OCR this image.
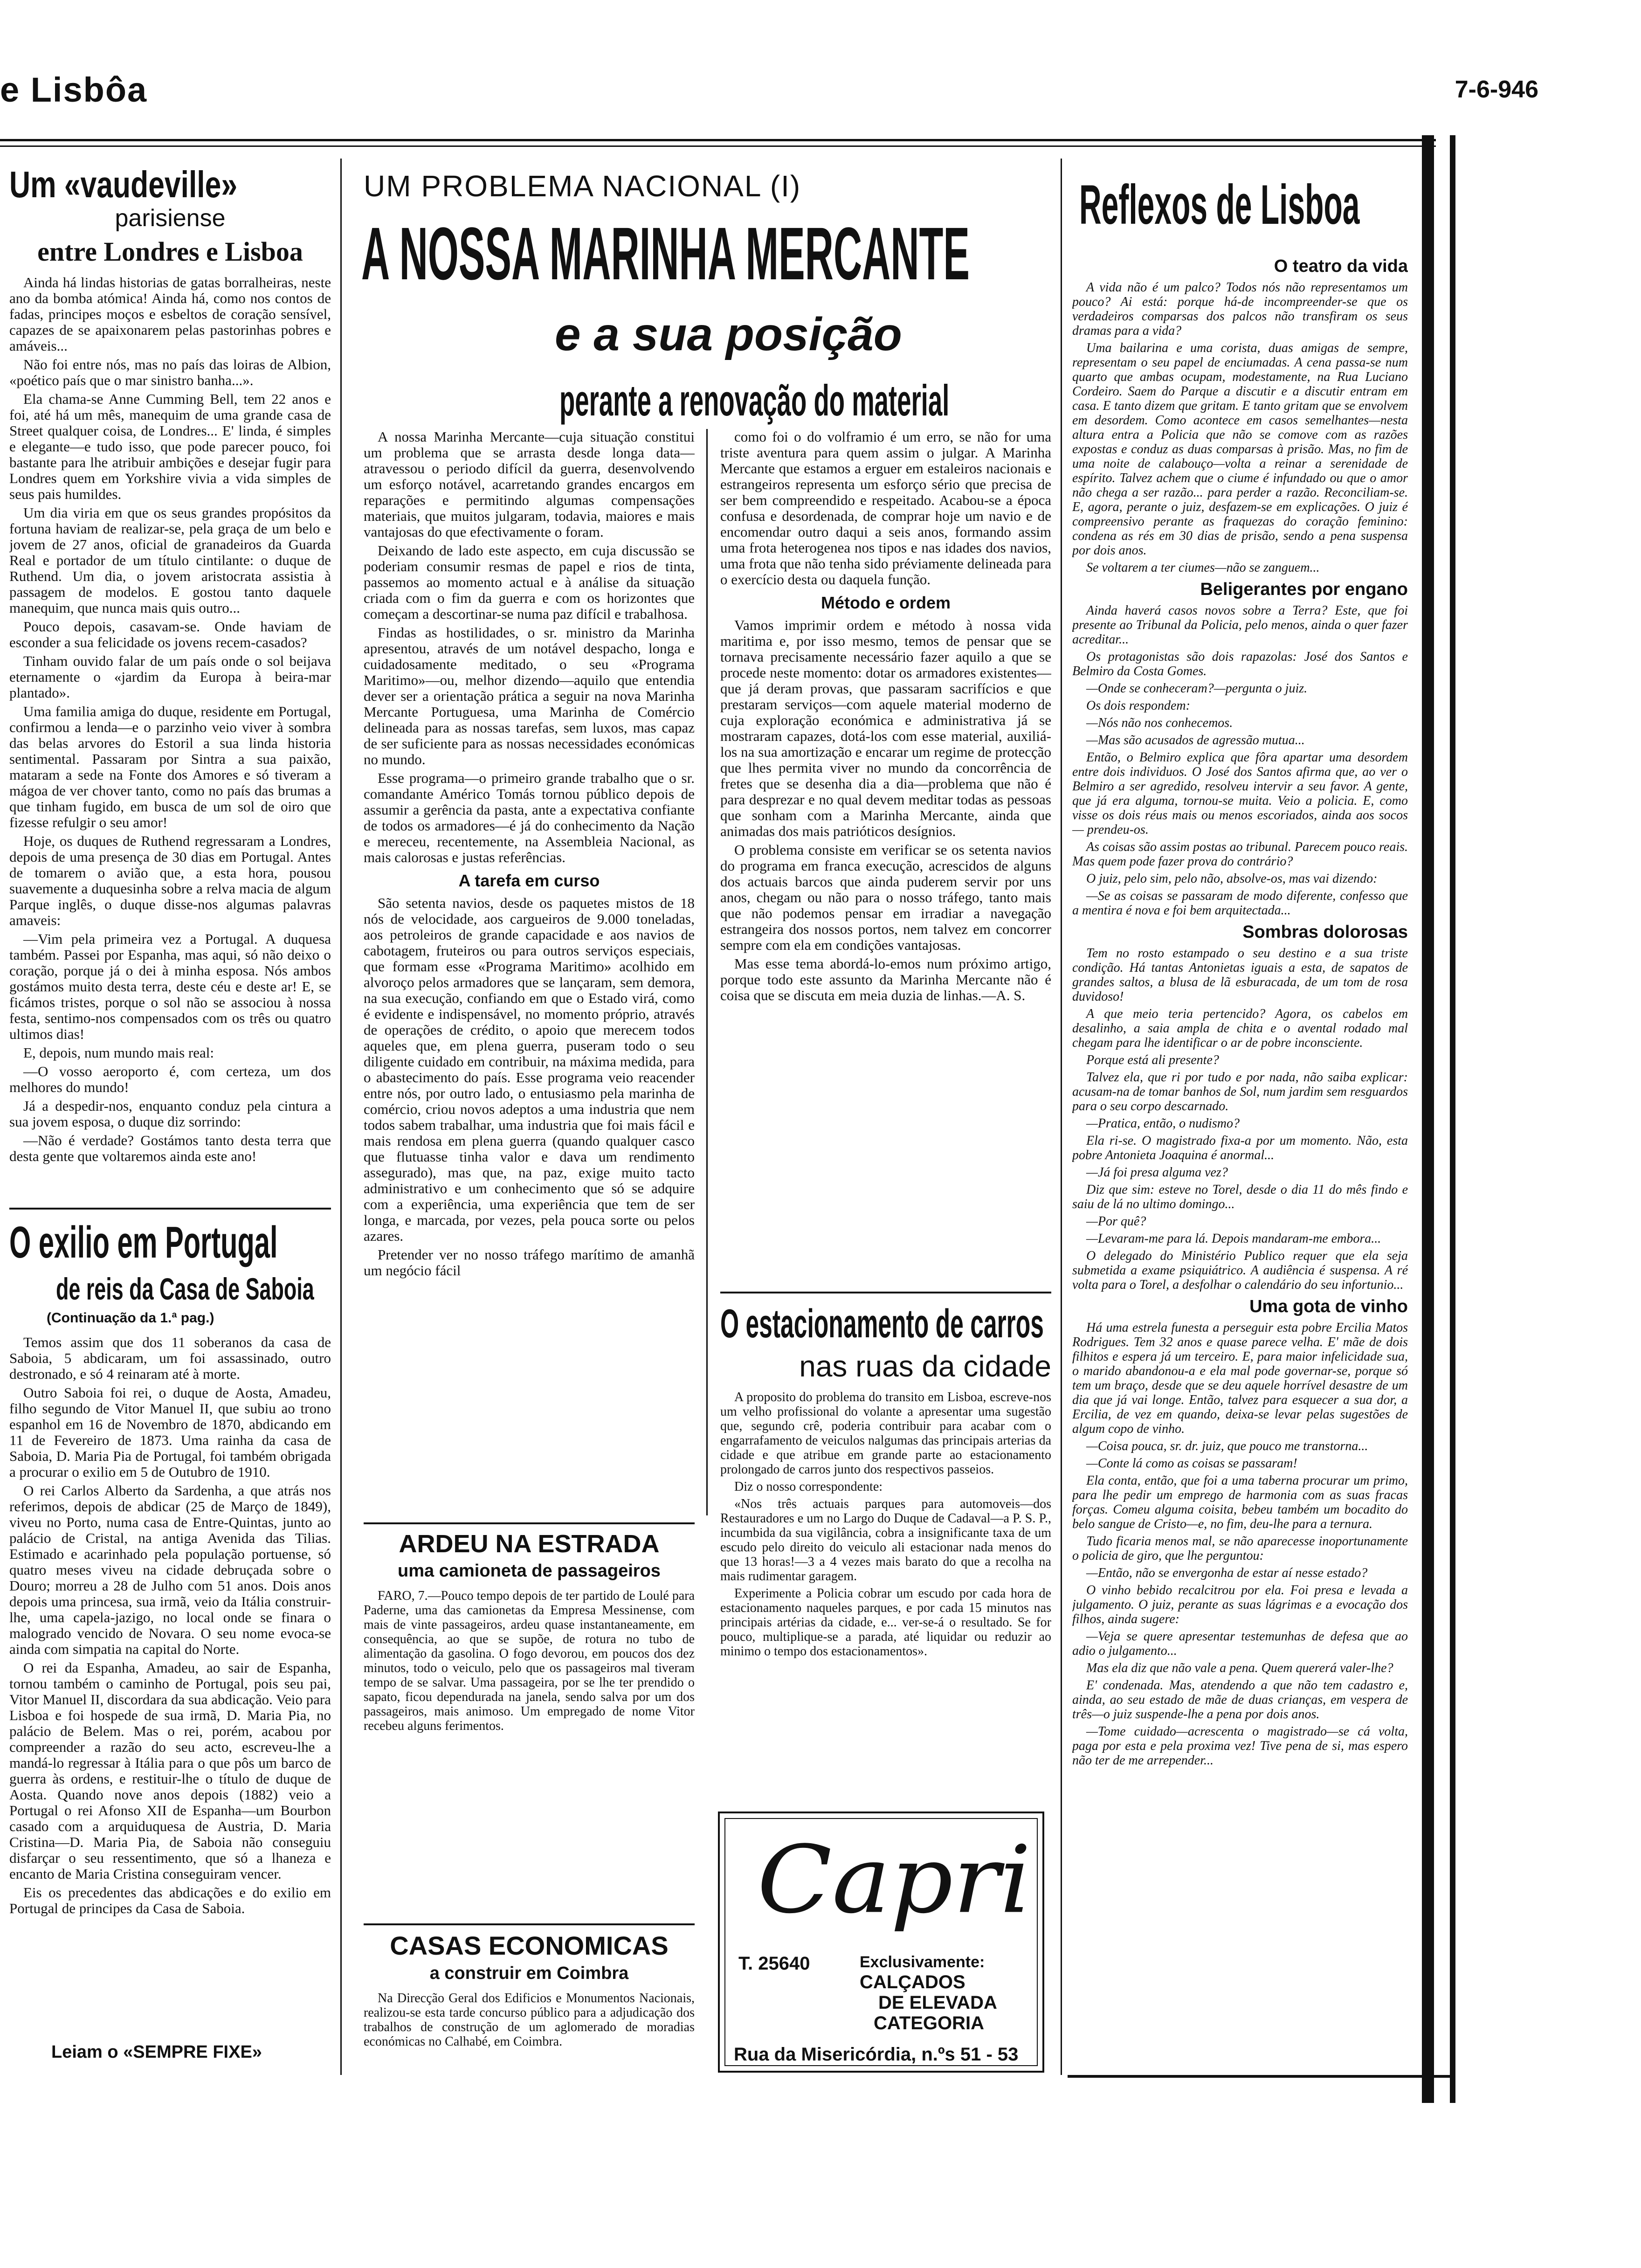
e Lisbôa	7-6-946
Um «vaudeville»
parisiense
entre Londres e Lisboa

Ainda há lindas historias de gatas borralheiras, neste ano da bomba atómica! Ainda há, como nos contos de fadas, principes moços e esbeltos de coração sensível, capazes de se apaixonarem pelas pastorinhas pobres e amáveis...

Não foi entre nós, mas no país das loiras de Albion, «poético país que o mar sinistro banha...».

Ela chama-se Anne Cumming Bell, tem 22 anos e foi, até há um mês, manequim de uma grande casa de Street qualquer coisa, de Londres... E' linda, é simples e elegante—e tudo isso, que pode parecer pouco, foi bastante para lhe atribuir ambições e desejar fugir para Londres quem em Yorkshire vivia a vida simples de seus pais humildes.

Um dia viria em que os seus grandes propósitos da fortuna haviam de realizar-se, pela graça de um belo e jovem de 27 anos, oficial de granadeiros da Guarda Real e portador de um título cintilante: o duque de Ruthend. Um dia, o jovem aristocrata assistia à passagem de modelos. E gostou tanto daquele manequim, que nunca mais quis outro...

Pouco depois, casavam-se. Onde haviam de esconder a sua felicidade os jovens recem-casados?

Tinham ouvido falar de um país onde o sol beijava eternamente o «jardim da Europa à beira-mar plantado».

Uma familia amiga do duque, residente em Portugal, confirmou a lenda—e o parzinho veio viver à sombra das belas arvores do Estoril a sua linda historia sentimental. Passaram por Sintra a sua paixão, mataram a sede na Fonte dos Amores e só tiveram a mágoa de ver chover tanto, como no país das brumas a que tinham fugido, em busca de um sol de oiro que fizesse refulgir o seu amor!

Hoje, os duques de Ruthend regressaram a Londres, depois de uma presença de 30 dias em Portugal. Antes de tomarem o avião que, a esta hora, pousou suavemente a duquesinha sobre a relva macia de algum Parque inglês, o duque disse-nos algumas palavras amaveis:

—Vim pela primeira vez a Portugal. A duquesa também. Passei por Espanha, mas aqui, só não deixo o coração, porque já o dei à minha esposa. Nós ambos gostámos muito desta terra, deste céu e deste ar! E, se ficámos tristes, porque o sol não se associou à nossa festa, sentimo-nos compensados com os três ou quatro ultimos dias!

E, depois, num mundo mais real:

—O vosso aeroporto é, com certeza, um dos melhores do mundo!

Já a despedir-nos, enquanto conduz pela cintura a sua jovem esposa, o duque diz sorrindo:

—Não é verdade? Gostámos tanto desta terra que desta gente que voltaremos ainda este ano!

O exilio em Portugal
de reis da Casa de Saboia
(Continuação da 1.ª pag.)

Temos assim que dos 11 soberanos da casa de Saboia, 5 abdicaram, um foi assassinado, outro destronado, e só 4 reinaram até à morte.

Outro Saboia foi rei, o duque de Aosta, Amadeu, filho segundo de Vitor Manuel II, que subiu ao trono espanhol em 16 de Novembro de 1870, abdicando em 11 de Fevereiro de 1873. Uma rainha da casa de Saboia, D. Maria Pia de Portugal, foi também obrigada a procurar o exilio em 5 de Outubro de 1910.

O rei Carlos Alberto da Sardenha, a que atrás nos referimos, depois de abdicar (25 de Março de 1849), viveu no Porto, numa casa de Entre-Quintas, junto ao palácio de Cristal, na antiga Avenida das Tilias. Estimado e acarinhado pela população portuense, só quatro meses viveu na cidade debruçada sobre o Douro; morreu a 28 de Julho com 51 anos. Dois anos depois uma princesa, sua irmã, veio da Itália construir-lhe, uma capela-jazigo, no local onde se finara o malogrado vencido de Novara. O seu nome evoca-se ainda com simpatia na capital do Norte.

O rei da Espanha, Amadeu, ao sair de Espanha, tornou também o caminho de Portugal, pois seu pai, Vitor Manuel II, discordara da sua abdicação. Veio para Lisboa e foi hospede de sua irmã, D. Maria Pia, no palácio de Belem. Mas o rei, porém, acabou por compreender a razão do seu acto, escreveu-lhe a mandá-lo regressar à Itália para o que pôs um barco de guerra às ordens, e restituir-lhe o título de duque de Aosta. Quando nove anos depois (1882) veio a Portugal o rei Afonso XII de Espanha—um Bourbon casado com a arquiduquesa de Austria, D. Maria Cristina—D. Maria Pia, de Saboia não conseguiu disfarçar o seu ressentimento, que só a lhaneza e encanto de Maria Cristina conseguiram vencer.

Eis os precedentes das abdicações e do exilio em Portugal de principes da Casa de Saboia.

Leiam o «SEMPRE FIXE»
UM PROBLEMA NACIONAL (I)
A NOSSA MARINHA MERCANTE
e a sua posição
perante a renovação do material

A nossa Marinha Mercante—cuja situação constitui um problema que se arrasta desde longa data—atravessou o periodo difícil da guerra, desenvolvendo um esforço notável, acarretando grandes encargos em reparações e permitindo algumas compensações materiais, que muitos julgaram, todavia, maiores e mais vantajosas do que efectivamente o foram.

Deixando de lado este aspecto, em cuja discussão se poderiam consumir resmas de papel e rios de tinta, passemos ao momento actual e à análise da situação criada com o fim da guerra e com os horizontes que começam a descortinar-se numa paz difícil e trabalhosa.

Findas as hostilidades, o sr. ministro da Marinha apresentou, através de um notável despacho, longa e cuidadosamente meditado, o seu «Programa Maritimo»—ou, melhor dizendo—aquilo que entendia dever ser a orientação prática a seguir na nova Marinha Mercante Portuguesa, uma Marinha de Comércio delineada para as nossas tarefas, sem luxos, mas capaz de ser suficiente para as nossas necessidades económicas no mundo.

Esse programa—o primeiro grande trabalho que o sr. comandante Américo Tomás tornou público depois de assumir a gerência da pasta, ante a expectativa confiante de todos os armadores—é já do conhecimento da Nação e mereceu, recentemente, na Assembleia Nacional, as mais calorosas e justas referências.

A tarefa em curso

São setenta navios, desde os paquetes mistos de 18 nós de velocidade, aos cargueiros de 9.000 toneladas, aos petroleiros de grande capacidade e aos navios de cabotagem, fruteiros ou para outros serviços especiais, que formam esse «Programa Maritimo» acolhido em alvoroço pelos armadores que se lançaram, sem demora, na sua execução, confiando em que o Estado virá, como é evidente e indispensável, no momento próprio, através de operações de crédito, o apoio que merecem todos aqueles que, em plena guerra, puseram todo o seu diligente cuidado em contribuir, na máxima medida, para o abastecimento do país. Esse programa veio reacender entre nós, por outro lado, o entusiasmo pela marinha de comércio, criou novos adeptos a uma industria que nem todos sabem trabalhar, uma industria que foi mais fácil e mais rendosa em plena guerra (quando qualquer casco que flutuasse tinha valor e dava um rendimento assegurado), mas que, na paz, exige muito tacto administrativo e um conhecimento que só se adquire com a experiência, uma experiência que tem de ser longa, e marcada, por vezes, pela pouca sorte ou pelos azares.

Pretender ver no nosso tráfego marítimo de amanhã um negócio fácil

como foi o do volframio é um erro, se não for uma triste aventura para quem assim o julgar. A Marinha Mercante que estamos a erguer em estaleiros nacionais e estrangeiros representa um esforço sério que precisa de ser bem compreendido e respeitado. Acabou-se a época confusa e desordenada, de comprar hoje um navio e de encomendar outro daqui a seis anos, formando assim uma frota heterogenea nos tipos e nas idades dos navios, uma frota que não tenha sido préviamente delineada para o exercício desta ou daquela função.

Método e ordem

Vamos imprimir ordem e método à nossa vida maritima e, por isso mesmo, temos de pensar que se tornava precisamente necessário fazer aquilo a que se procede neste momento: dotar os armadores existentes—que já deram provas, que passaram sacrifícios e que prestaram serviços—com aquele material moderno de cuja exploração económica e administrativa já se mostraram capazes, dotá-los com esse material, auxiliá-los na sua amortização e encarar um regime de protecção que lhes permita viver no mundo da concorrência de fretes que se desenha dia a dia—problema que não é para desprezar e no qual devem meditar todas as pessoas que sonham com a Marinha Mercante, ainda que animadas dos mais patrióticos desígnios.

O problema consiste em verificar se os setenta navios do programa em franca execução, acrescidos de alguns dos actuais barcos que ainda puderem servir por uns anos, chegam ou não para o nosso tráfego, tanto mais que não podemos pensar em irradiar a navegação estrangeira dos nossos portos, nem talvez em concorrer sempre com ela em condições vantajosas.

Mas esse tema abordá-lo-emos num próximo artigo, porque todo este assunto da Marinha Mercante não é coisa que se discuta em meia duzia de linhas.—A. S.

O estacionamento de carros
nas ruas da cidade

A proposito do problema do transito em Lisboa, escreve-nos um velho profissional do volante a apresentar uma sugestão que, segundo crê, poderia contribuir para acabar com o engarrafamento de veiculos nalgumas das principais arterias da cidade e que atribue em grande parte ao estacionamento prolongado de carros junto dos respectivos passeios.

Diz o nosso correspondente:

«Nos três actuais parques para automoveis—dos Restauradores e um no Largo do Duque de Cadaval—a P. S. P., incumbida da sua vigilância, cobra a insignificante taxa de um escudo pelo direito do veiculo ali estacionar nada menos do que 13 horas!—3 a 4 vezes mais barato do que a recolha na mais rudimentar garagem.

Experimente a Policia cobrar um escudo por cada hora de estacionamento naqueles parques, e por cada 15 minutos nas principais artérias da cidade, e... ver-se-á o resultado. Se for pouco, multiplique-se a parada, até liquidar ou reduzir ao minimo o tempo dos estacionamentos».

ARDEU NA ESTRADA
uma camioneta de passageiros

FARO, 7.—Pouco tempo depois de ter partido de Loulé para Paderne, uma das camionetas da Empresa Messinense, com mais de vinte passageiros, ardeu quase instantaneamente, em consequência, ao que se supõe, de rotura no tubo de alimentação da gasolina. O fogo devorou, em poucos dos dez minutos, todo o veiculo, pelo que os passageiros mal tiveram tempo de se salvar. Uma passageira, por se lhe ter prendido o sapato, ficou dependurada na janela, sendo salva por um dos passageiros, mais animoso. Um empregado de nome Vitor recebeu alguns ferimentos.

CASAS ECONOMICAS
a construir em Coimbra

Na Direcção Geral dos Edificios e Monumentos Nacionais, realizou-se esta tarde concurso público para a adjudicação dos trabalhos de construção de um aglomerado de moradias económicas no Calhabé, em Coimbra.

Capri
T. 25640	Exclusivamente:
CALÇADOS
DE ELEVADA
CATEGORIA
Rua da Misericórdia, n.ºs 51 - 53
Reflexos de Lisboa
O teatro da vida

A vida não é um palco? Todos nós não representamos um pouco? Ai está: porque há-de incompreender-se que os verdadeiros comparsas dos palcos não transfiram os seus dramas para a vida?

Uma bailarina e uma corista, duas amigas de sempre, representam o seu papel de enciumadas. A cena passa-se num quarto que ambas ocupam, modestamente, na Rua Luciano Cordeiro. Saem do Parque a discutir e a discutir entram em casa. E tanto dizem que gritam. E tanto gritam que se envolvem em desordem. Como acontece em casos semelhantes—nesta altura entra a Policia que não se comove com as razões expostas e conduz as duas comparsas à prisão. Mas, no fim de uma noite de calabouço—volta a reinar a serenidade de espírito. Talvez achem que o ciume é infundado ou que o amor não chega a ser razão... para perder a razão. Reconciliam-se. E, agora, perante o juiz, desfazem-se em explicações. O juiz é compreensivo perante as fraquezas do coração feminino: condena as rés em 30 dias de prisão, sendo a pena suspensa por dois anos.

Se voltarem a ter ciumes—não se zanguem...

Beligerantes por engano

Ainda haverá casos novos sobre a Terra? Este, que foi presente ao Tribunal da Policia, pelo menos, ainda o quer fazer acreditar...

Os protagonistas são dois rapazolas: José dos Santos e Belmiro da Costa Gomes.

—Onde se conheceram?—pergunta o juiz.

Os dois respondem:

—Nós não nos conhecemos.

—Mas são acusados de agressão mutua...

Então, o Belmiro explica que fôra apartar uma desordem entre dois individuos. O José dos Santos afirma que, ao ver o Belmiro a ser agredido, resolveu intervir a seu favor. A gente, que já era alguma, tornou-se muita. Veio a policia. E, como visse os dois réus mais ou menos escoriados, ainda aos socos — prendeu-os.

As coisas são assim postas ao tribunal. Parecem pouco reais. Mas quem pode fazer prova do contrário?

O juiz, pelo sim, pelo não, absolve-os, mas vai dizendo:

—Se as coisas se passaram de modo diferente, confesso que a mentira é nova e foi bem arquitectada...

Sombras dolorosas

Tem no rosto estampado o seu destino e a sua triste condição. Há tantas Antonietas iguais a esta, de sapatos de grandes saltos, a blusa de lã esburacada, de um tom de rosa duvidoso!

A que meio teria pertencido? Agora, os cabelos em desalinho, a saia ampla de chita e o avental rodado mal chegam para lhe identificar o ar de pobre inconsciente.

Porque está ali presente?

Talvez ela, que ri por tudo e por nada, não saiba explicar: acusam-na de tomar banhos de Sol, num jardim sem resguardos para o seu corpo descarnado.

—Pratica, então, o nudismo?

Ela ri-se. O magistrado fixa-a por um momento. Não, esta pobre Antonieta Joaquina é anormal...

—Já foi presa alguma vez?

Diz que sim: esteve no Torel, desde o dia 11 do mês findo e saiu de lá no ultimo domingo...

—Por quê?

—Levaram-me para lá. Depois mandaram-me embora...

O delegado do Ministério Publico requer que ela seja submetida a exame psiquiátrico. A audiência é suspensa. A ré volta para o Torel, a desfolhar o calendário do seu infortunio...

Uma gota de vinho

Há uma estrela funesta a perseguir esta pobre Ercilia Matos Rodrigues. Tem 32 anos e quase parece velha. E' mãe de dois filhitos e espera já um terceiro. E, para maior infelicidade sua, o marido abandonou-a e ela mal pode governar-se, porque só tem um braço, desde que se deu aquele horrível desastre de um dia que já vai longe. Então, talvez para esquecer a sua dor, a Ercilia, de vez em quando, deixa-se levar pelas sugestões de algum copo de vinho.

—Coisa pouca, sr. dr. juiz, que pouco me transtorna...

—Conte lá como as coisas se passaram!

Ela conta, então, que foi a uma taberna procurar um primo, para lhe pedir um emprego de harmonia com as suas fracas forças. Comeu alguma coisita, bebeu também um bocadito do belo sangue de Cristo—e, no fim, deu-lhe para a ternura.

Tudo ficaria menos mal, se não aparecesse inoportunamente o policia de giro, que lhe perguntou:

—Então, não se envergonha de estar aí nesse estado?

O vinho bebido recalcitrou por ela. Foi presa e levada a julgamento. O juiz, perante as suas lágrimas e a evocação dos filhos, ainda sugere:

—Veja se quere apresentar testemunhas de defesa que ao adio o julgamento...

Mas ela diz que não vale a pena. Quem quererá valer-lhe?

E' condenada. Mas, atendendo a que não tem cadastro e, ainda, ao seu estado de mãe de duas crianças, em vespera de três—o juiz suspende-lhe a pena por dois anos.

—Tome cuidado—acrescenta o magistrado—se cá volta, paga por esta e pela proxima vez! Tive pena de si, mas espero não ter de me arrepender...
